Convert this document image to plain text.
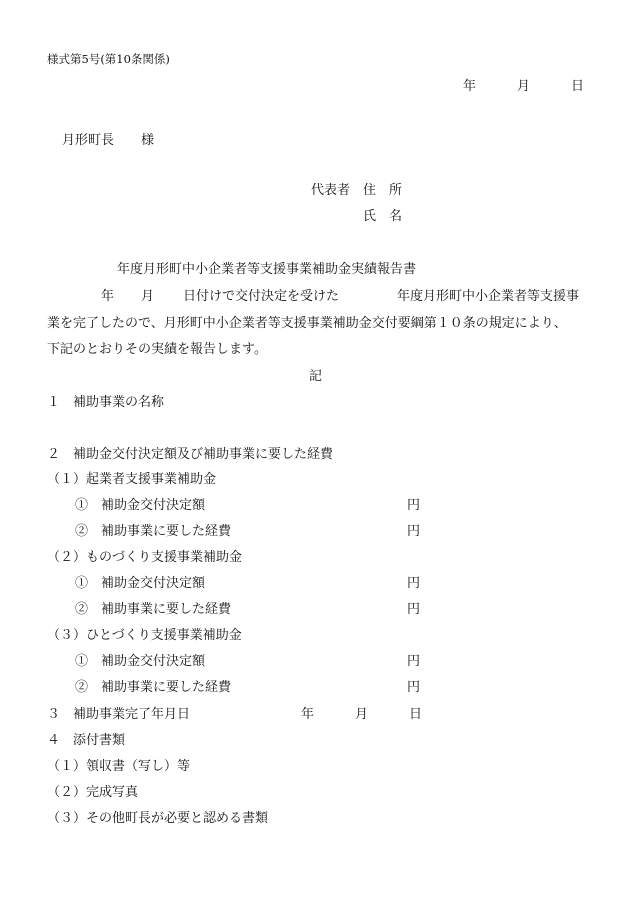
様式第5号(第10条関係)
年	月	日
月形町長 様
代表者 住　所
氏　名
年度月形町中小企業者等支援事業補助金実績報告書
年 月 日付けで交付決定を受けた	年度月形町中小企業者等支援事
業を完了したので、月形町中小企業者等支援事業補助金交付要綱第１０条の規定により、
下記のとおりその実績を報告します。
記
１　補助事業の名称
２　補助金交付決定額及び補助事業に要した経費
（１）起業者支援事業補助金
①　補助金交付決定額	円
②　補助事業に要した経費	円
（２）ものづくり支援事業補助金
①　補助金交付決定額	円
②　補助事業に要した経費	円
（３）ひとづくり支援事業補助金
①　補助金交付決定額	円
②　補助事業に要した経費	円
３　補助事業完了年月日	年	月	日
４　添付書類
（１）領収書（写し）等
（２）完成写真
（３）その他町長が必要と認める書類
